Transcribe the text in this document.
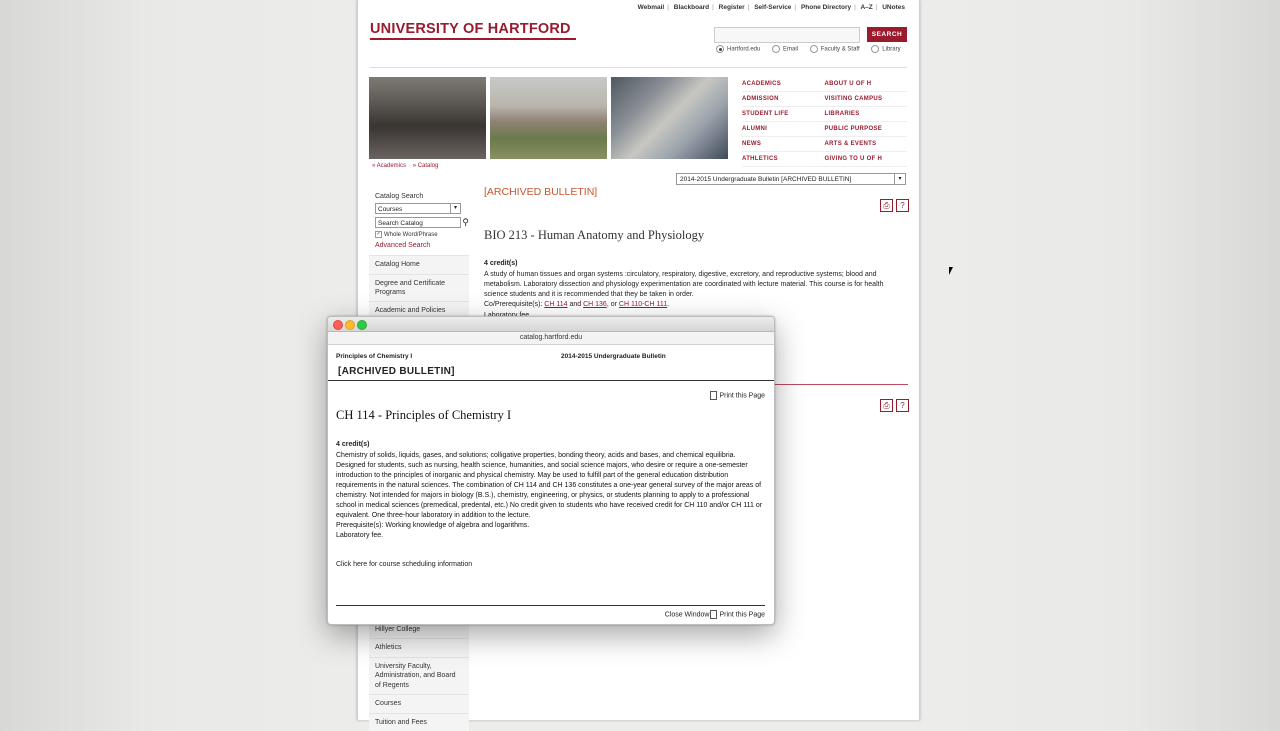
Webmail | Blackboard | Register | Self-Service | Phone Directory | A–Z | UNotes
UNIVERSITY OF HARTFORD	SEARCH
Hartford.edu	Email	Faculty & Staff	Library
ACADEMICS	ABOUT U OF H
ADMISSION	VISITING CAMPUS
STUDENT LIFE	LIBRARIES
ALUMNI	PUBLIC PURPOSE
NEWS	ARTS & EVENTS
ATHLETICS	GIVING TO U OF H
» Academics » Catalog
2014-2015 Undergraduate Bulletin [ARCHIVED BULLETIN]	▾
Catalog Search
Courses	▾
Search Catalog	⚲
✓ Whole Word/Phrase
Advanced Search
Catalog Home
Degree and Certificate Programs
Academic and Policies
Hillyer College
Athletics
University Faculty, Administration, and Board of Regents
Courses
Tuition and Fees
[ARCHIVED BULLETIN]
⎙ ?
BIO 213 - Human Anatomy and Physiology
4 credit(s)
A study of human tissues and organ systems :circulatory, respiratory, digestive, excretory, and reproductive systems; blood and metabolism. Laboratory dissection and physiology experimentation are coordinated with lecture material. This course is for health science students and it is recommended that they be taken in order.
Co/Prerequisite(s): CH 114 and CH 136, or CH 110-CH 111.

⎙ ?
catalog.hartford.edu
Principles of Chemistry I	2014-2015 Undergraduate Bulletin
[ARCHIVED BULLETIN]
Print this Page
CH 114 - Principles of Chemistry I
4 credit(s)
Chemistry of solids, liquids, gases, and solutions; colligative properties, bonding theory, acids and bases, and chemical equilibria. Designed for students, such as nursing, health science, humanities, and social science majors, who desire or require a one-semester introduction to the principles of inorganic and physical chemistry. May be used to fulfill part of the general education distribution requirements in the natural sciences. The combination of CH 114 and CH 136 constitutes a one-year general survey of the major areas of chemistry. Not intended for majors in biology (B.S.), chemistry, engineering, or physics, or students planning to apply to a professional school in medical sciences (premedical, predental, etc.) No credit given to students who have received credit for CH 110 and/or CH 111 or equivalent. One three-hour laboratory in addition to the lecture.
Prerequisite(s): Working knowledge of algebra and logarithms.
Laboratory fee.
Click here for course scheduling information
Close Window Print this Page
